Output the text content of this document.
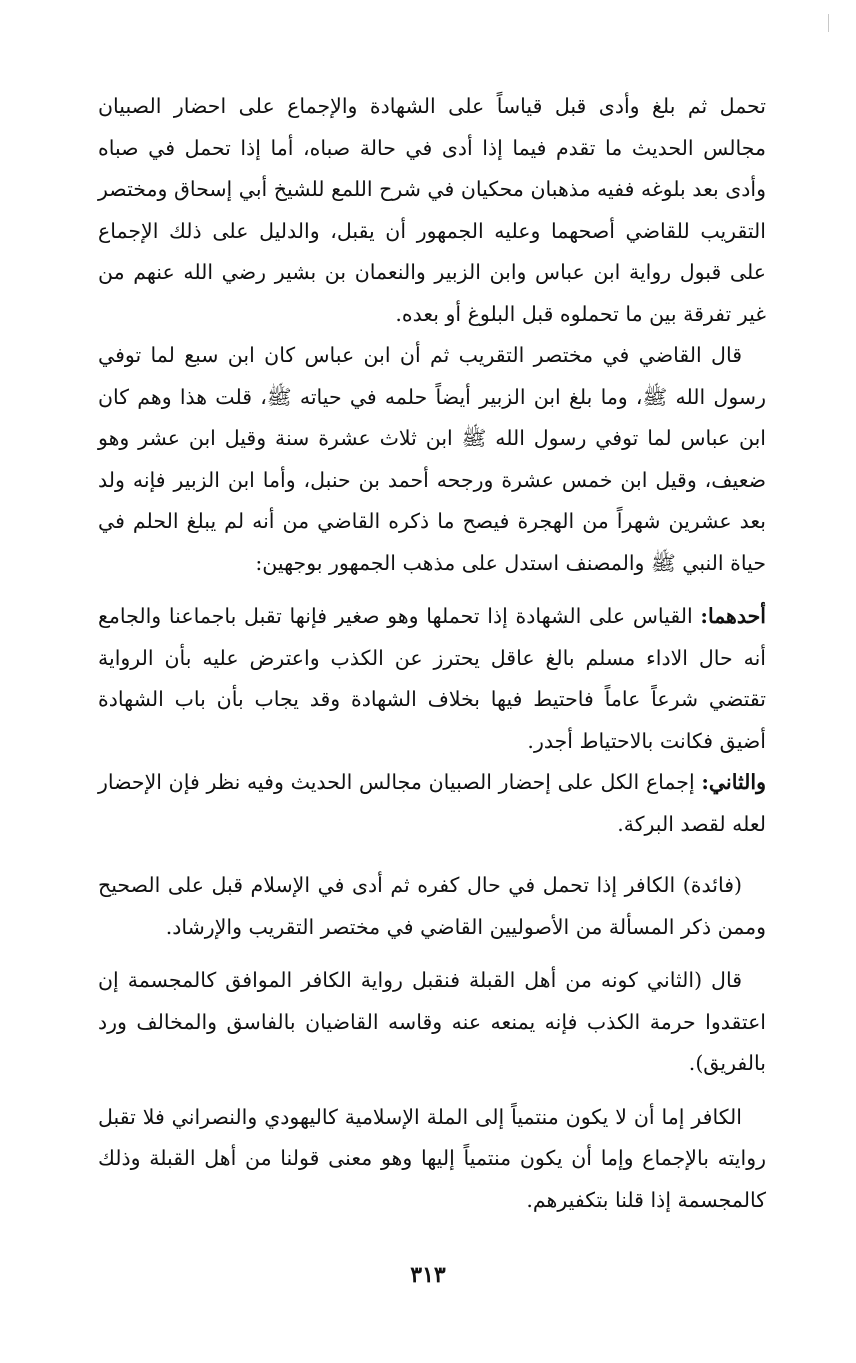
تحمل ثم بلغ وأدى قبل قياساً على الشهادة والإجماع على احضار الصبيان مجالس الحديث ما تقدم فيما إذا أدى في حالة صباه، أما إذا تحمل في صباه وأدى بعد بلوغه ففيه مذهبان محكيان في شرح اللمع للشيخ أبي إسحاق ومختصر التقريب للقاضي أصحهما وعليه الجمهور أن يقبل، والدليل على ذلك الإجماع على قبول رواية ابن عباس وابن الزبير والنعمان بن بشير رضي الله عنهم من غير تفرقة بين ما تحملوه قبل البلوغ أو بعده.

قال القاضي في مختصر التقريب ثم أن ابن عباس كان ابن سبع لما توفي رسول الله ﷺ، وما بلغ ابن الزبير أيضاً حلمه في حياته ﷺ، قلت هذا وهم كان ابن عباس لما توفي رسول الله ﷺ ابن ثلاث عشرة سنة وقيل ابن عشر وهو ضعيف، وقيل ابن خمس عشرة ورجحه أحمد بن حنبل، وأما ابن الزبير فإنه ولد بعد عشرين شهراً من الهجرة فيصح ما ذكره القاضي من أنه لم يبلغ الحلم في حياة النبي ﷺ والمصنف استدل على مذهب الجمهور بوجهين:

أحدهما: القياس على الشهادة إذا تحملها وهو صغير فإنها تقبل باجماعنا والجامع أنه حال الاداء مسلم بالغ عاقل يحترز عن الكذب واعترض عليه بأن الرواية تقتضي شرعاً عاماً فاحتيط فيها بخلاف الشهادة وقد يجاب بأن باب الشهادة أضيق فكانت بالاحتياط أجدر.

والثاني: إجماع الكل على إحضار الصبيان مجالس الحديث وفيه نظر فإن الإحضار لعله لقصد البركة.

(فائدة) الكافر إذا تحمل في حال كفره ثم أدى في الإسلام قبل على الصحيح وممن ذكر المسألة من الأصوليين القاضي في مختصر التقريب والإرشاد.

قال (الثاني كونه من أهل القبلة فنقبل رواية الكافر الموافق كالمجسمة إن اعتقدوا حرمة الكذب فإنه يمنعه عنه وقاسه القاضيان بالفاسق والمخالف ورد بالفريق).

الكافر إما أن لا يكون منتمياً إلى الملة الإسلامية كاليهودي والنصراني فلا تقبل روايته بالإجماع وإما أن يكون منتمياً إليها وهو معنى قولنا من أهل القبلة وذلك كالمجسمة إذا قلنا بتكفيرهم.

٣١٣
